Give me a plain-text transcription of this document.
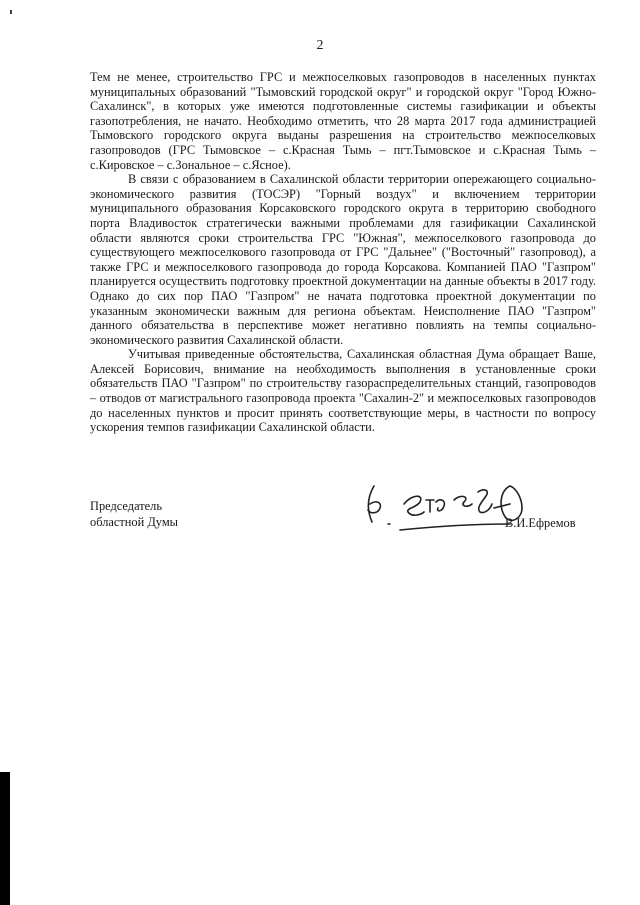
2

Тем не менее, строительство ГРС и межпоселковых газопроводов в населенных пунктах муниципальных образований "Тымовский городской округ" и городской округ "Город Южно-Сахалинск", в которых уже имеются подготовленные системы газификации и объекты газопотребления, не начато. Необходимо отметить, что 28 марта 2017 года администрацией Тымовского городского округа выданы разрешения на строительство межпоселковых газопроводов (ГРС Тымовское – с.Красная Тымь – пгт.Тымовское и с.Красная Тымь – с.Кировское – с.Зональное – с.Ясное).

В связи с образованием в Сахалинской области территории опережающего социально-экономического развития (ТОСЭР) "Горный воздух" и включением территории муниципального образования Корсаковского городского округа в территорию свободного порта Владивосток стратегически важными проблемами для газификации Сахалинской области являются сроки строительства ГРС "Южная", межпоселкового газопровода до существующего межпоселкового газопровода от ГРС "Дальнее" ("Восточный" газопровод), а также ГРС и межпоселкового газопровода до города Корсакова. Компанией ПАО "Газпром" планируется осуществить подготовку проектной документации на данные объекты в 2017 году. Однако до сих пор ПАО "Газпром" не начата подготовка проектной документации по указанным экономически важным для региона объектам. Неисполнение ПАО "Газпром" данного обязательства в перспективе может негативно повлиять на темпы социально-экономического развития Сахалинской области.

Учитывая приведенные обстоятельства, Сахалинская областная Дума обращает Ваше, Алексей Борисович, внимание на необходимость выполнения в установленные сроки обязательств ПАО "Газпром" по строительству газораспределительных станций, газопроводов – отводов от магистрального газопровода проекта "Сахалин-2" и межпоселковых газопроводов до населенных пунктов и просит принять соответствующие меры, в частности по вопросу ускорения темпов газификации Сахалинской области.

Председатель
областной Думы	Ефре	В.И.Ефремов
